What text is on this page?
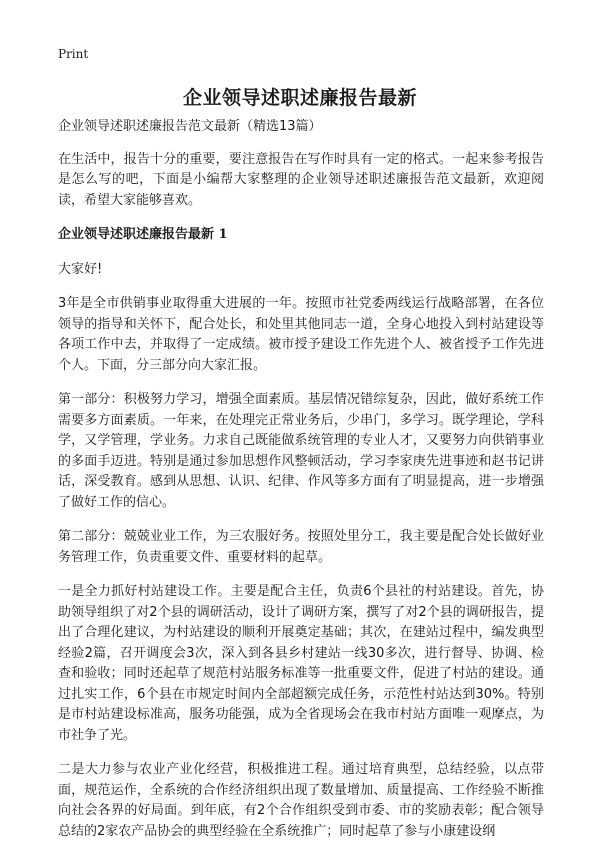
Print
企业领导述职述廉报告最新

企业领导述职述廉报告范文最新（精选13篇）

在生活中，报告十分的重要，要注意报告在写作时具有一定的格式。一起来参考报告是怎么写的吧，下面是小编帮大家整理的企业领导述职述廉报告范文最新，欢迎阅读，希望大家能够喜欢。

企业领导述职述廉报告最新 1

大家好!

3年是全市供销事业取得重大进展的一年。按照市社党委两线运行战略部署，在各位领导的指导和关怀下，配合处长，和处里其他同志一道，全身心地投入到村站建设等各项工作中去，并取得了一定成绩。被市授予建设工作先进个人、被省授予工作先进个人。下面，分三部分向大家汇报。

第一部分：积极努力学习，增强全面素质。基层情况错综复杂，因此，做好系统工作需要多方面素质。一年来，在处理完正常业务后，少串门，多学习。既学理论，学科学，又学管理，学业务。力求自己既能做系统管理的专业人才，又要努力向供销事业的多面手迈进。特别是通过参加思想作风整顿活动，学习李家庚先进事迹和赵书记讲话，深受教育。感到从思想、认识、纪律、作风等多方面有了明显提高，进一步增强了做好工作的信心。

第二部分：兢兢业业工作，为三农服好务。按照处里分工，我主要是配合处长做好业务管理工作，负责重要文件、重要材料的起草。

一是全力抓好村站建设工作。主要是配合主任，负责6个县社的村站建设。首先，协助领导组织了对2个县的调研活动，设计了调研方案，撰写了对2个县的调研报告，提出了合理化建议，为村站建设的顺利开展奠定基础；其次，在建站过程中，编发典型经验2篇，召开调度会3次，深入到各县乡村建站一线30多次，进行督导、协调、检查和验收；同时还起草了规范村站服务标准等一批重要文件，促进了村站的建设。通过扎实工作，6个县在市规定时间内全部超额完成任务，示范性村站达到30%。特别是市村站建设标准高，服务功能强，成为全省现场会在我市村站方面唯一观摩点，为市社争了光。

二是大力参与农业产业化经营，积极推进工程。通过培育典型，总结经验，以点带面，规范运作，全系统的合作经济组织出现了数量增加、质量提高、工作经验不断推向社会各界的好局面。到年底，有2个合作组织受到市委、市的奖励表彰；配合领导总结的2家农产品协会的典型经验在全系统推广；同时起草了参与小康建设纲
